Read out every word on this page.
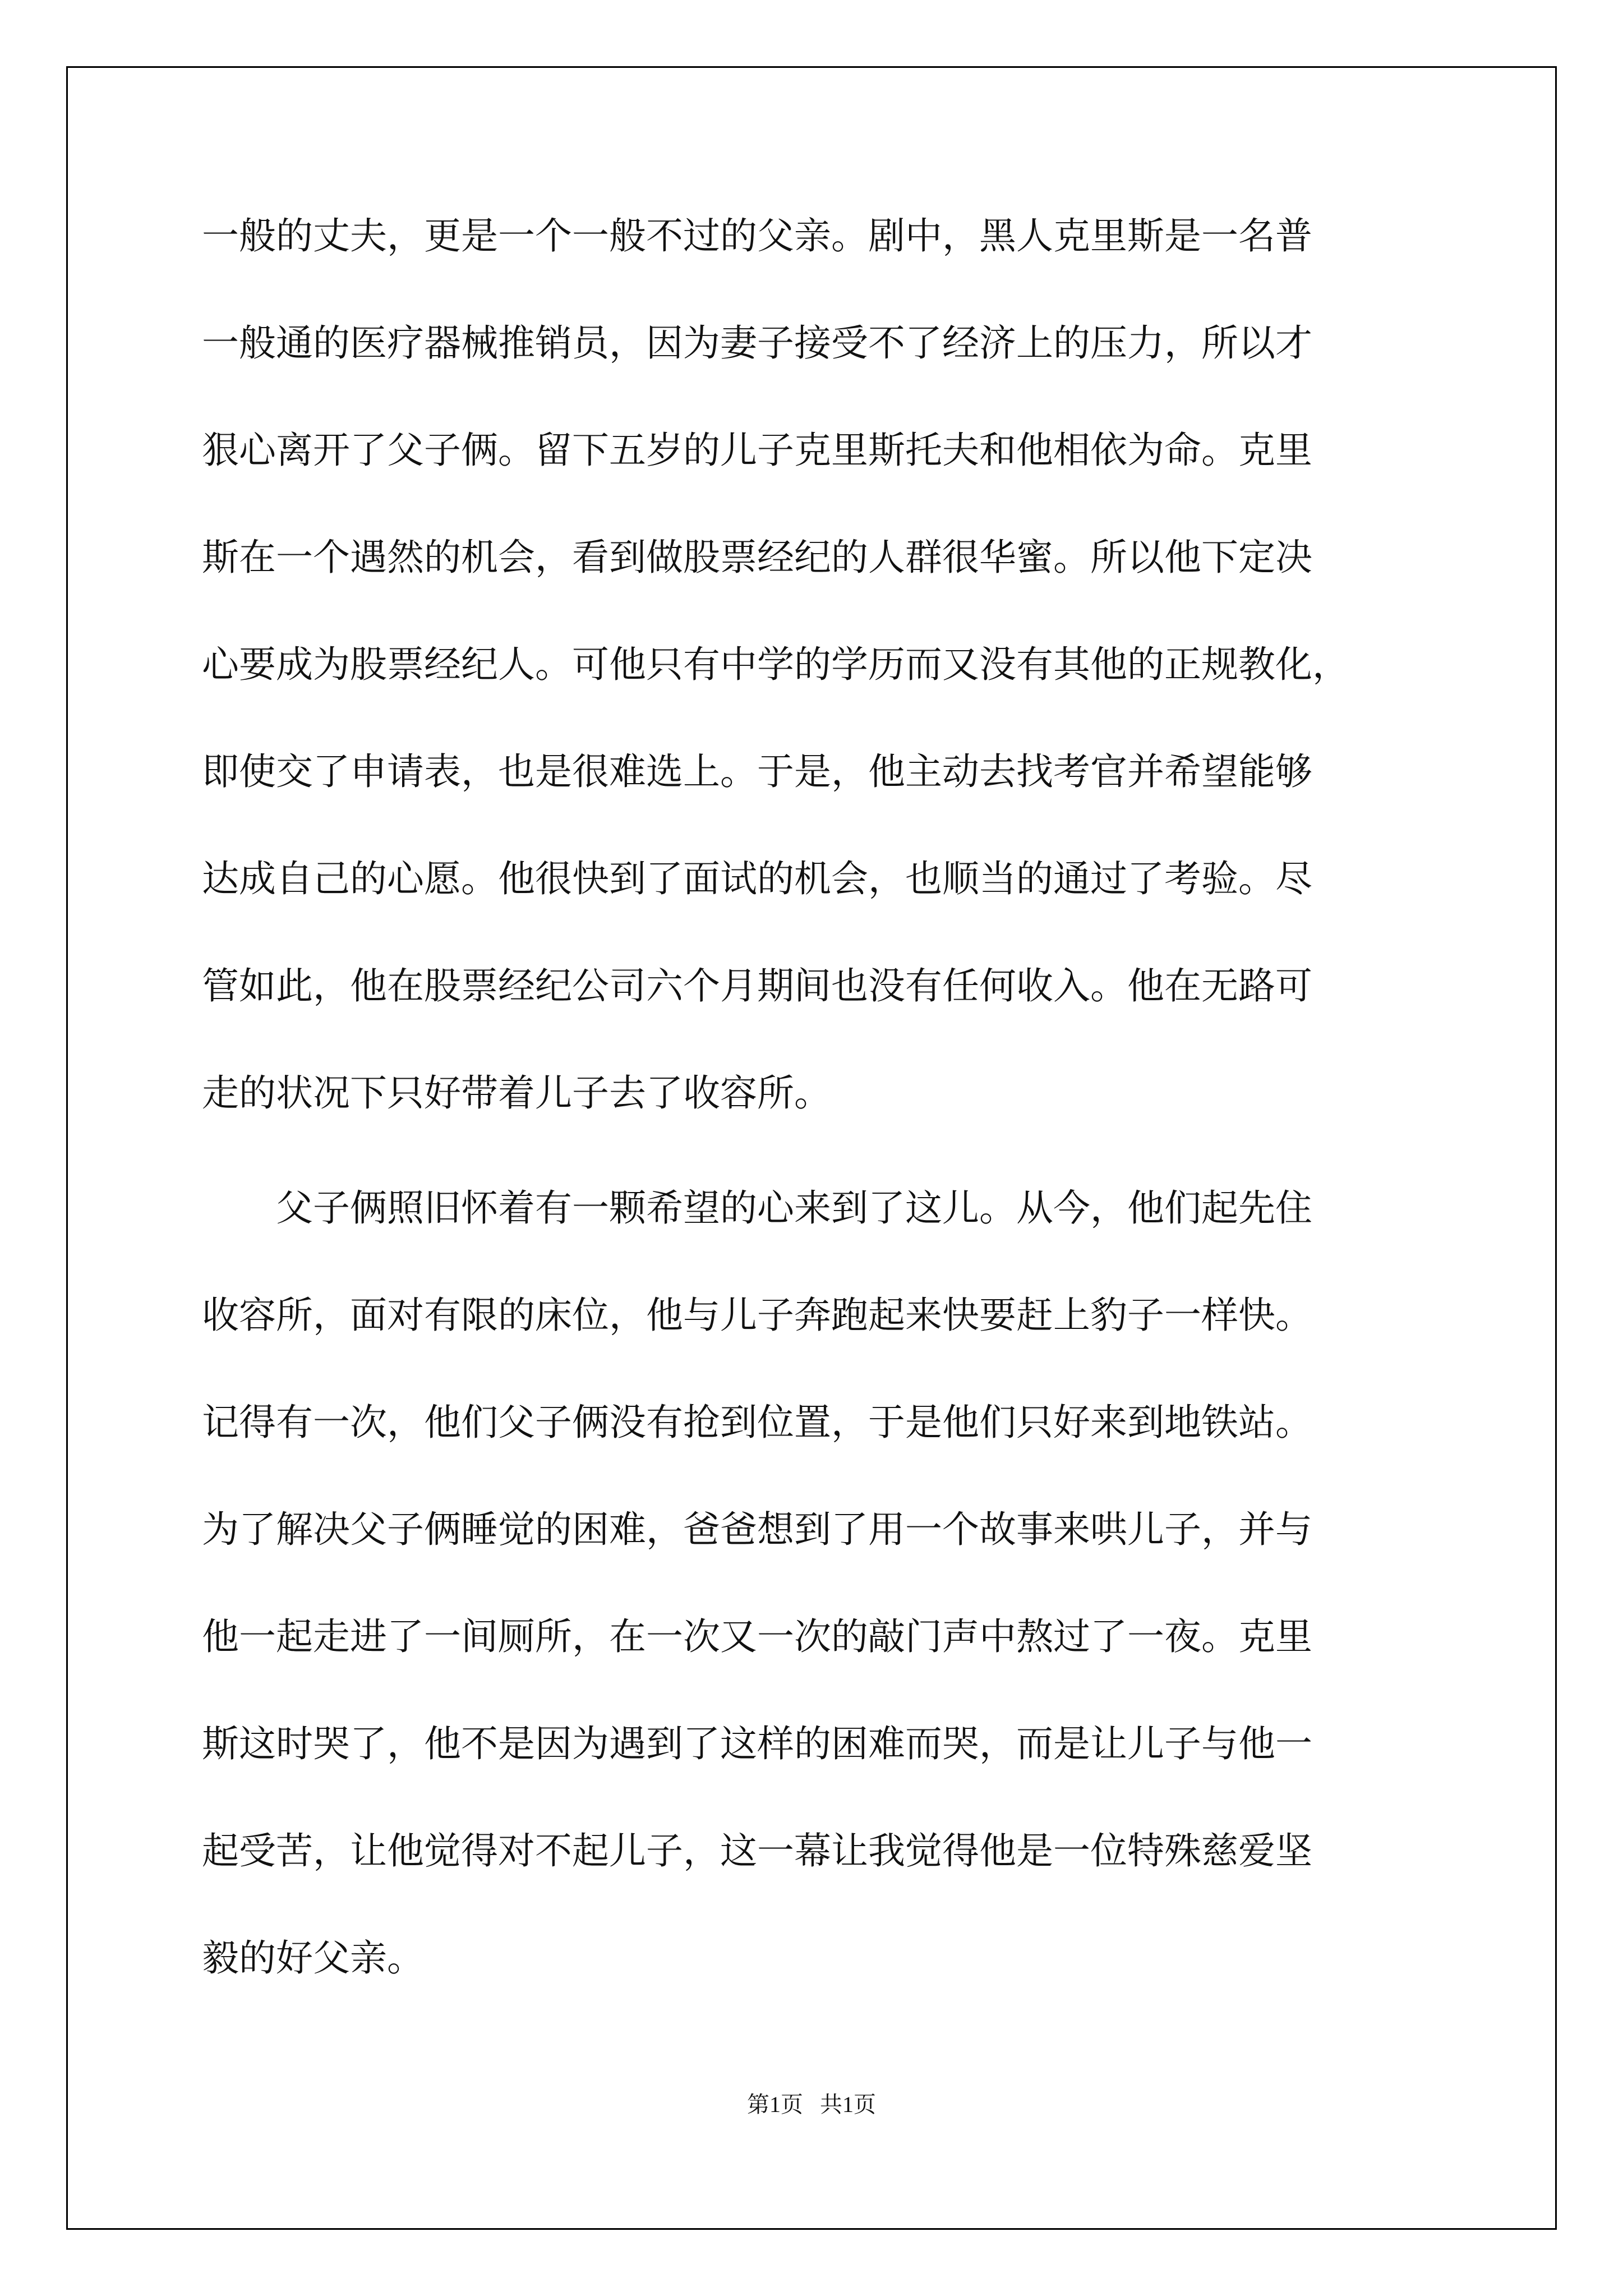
一般的丈夫，更是一个一般不过的父亲。剧中，黑人克里斯是一名普
一般通的医疗器械推销员，因为妻子接受不了经济上的压力，所以才
狠心离开了父子俩。留下五岁的儿子克里斯托夫和他相依为命。克里
斯在一个遇然的机会，看到做股票经纪的人群很华蜜。所以他下定决
心要成为股票经纪人。可他只有中学的学历而又没有其他的正规教化，
即使交了申请表，也是很难选上。于是，他主动去找考官并希望能够
达成自己的心愿。他很快到了面试的机会，也顺当的通过了考验。尽
管如此，他在股票经纪公司六个月期间也没有任何收入。他在无路可
走的状况下只好带着儿子去了收容所。
父子俩照旧怀着有一颗希望的心来到了这儿。从今，他们起先住
收容所，面对有限的床位，他与儿子奔跑起来快要赶上豹子一样快。
记得有一次，他们父子俩没有抢到位置，于是他们只好来到地铁站。
为了解决父子俩睡觉的困难，爸爸想到了用一个故事来哄儿子，并与
他一起走进了一间厕所，在一次又一次的敲门声中熬过了一夜。克里
斯这时哭了，他不是因为遇到了这样的困难而哭，而是让儿子与他一
起受苦，让他觉得对不起儿子，这一幕让我觉得他是一位特殊慈爱坚
毅的好父亲。
第1页   共1页
